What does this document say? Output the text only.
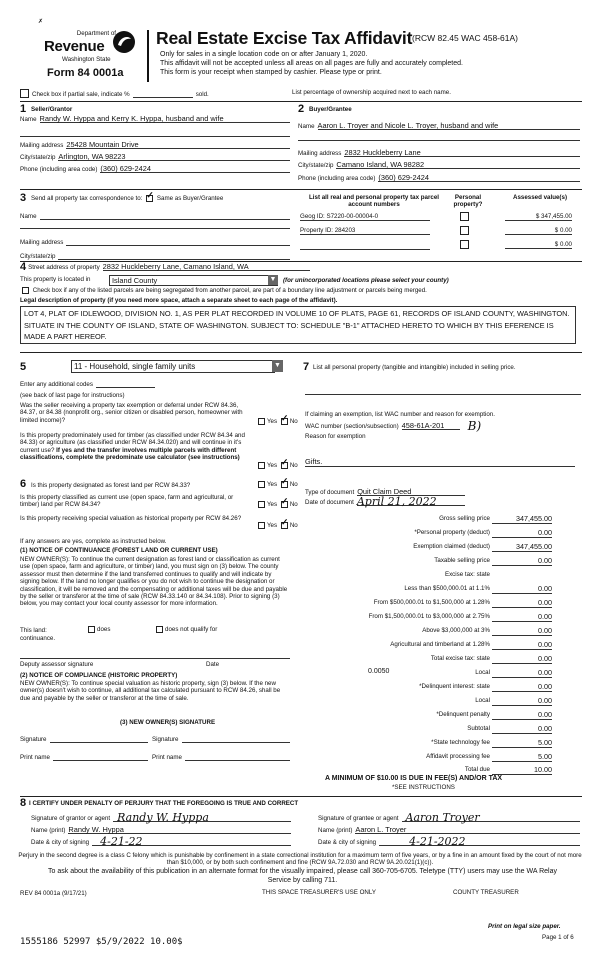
✗
Department of
Revenue
Washington State
Form 84 0001a
Real Estate Excise Tax Affidavit (RCW 82.45 WAC 458-61A)
Only for sales in a single location code on or after January 1, 2020.
This affidavit will not be accepted unless all areas on all pages are fully and accurately completed.
This form is your receipt when stamped by cashier. Please type or print.
Check box if partial sale, indicate %	sold.	List percentage of ownership acquired next to each name.
1 Seller/Grantor
Name Randy W. Hyppa and Kerry K. Hyppa, husband and wife
Mailing address 25428 Mountain Drive
City/state/zip Arlington, WA 98223
Phone (including area code) (360) 629-2424
2 Buyer/Grantee
Name Aaron L. Troyer and Nicole L. Troyer, husband and wife
Mailing address 2832 Huckleberry Lane
City/state/zip Camano Island, WA 98282
Phone (including area code) (360) 629-2424
3 Send all property tax correspondence to: ✓ Same as Buyer/Grantee
Name
Mailing address
City/state/zip
List all real and personal property tax parcel account numbers
Personal property?
Assessed value(s)
Geog ID: S7220-00-00004-0	$ 347,455.00
Property ID: 284203	$ 0.00
$ 0.00
4 Street address of property 2832 Huckleberry Lane, Camano Island, WA
This property is located in	Island County	▼ (for unincorporated locations please select your county)
Check box if any of the listed parcels are being segregated from another parcel, are part of a boundary line adjustment or parcels being merged.
Legal description of property (if you need more space, attach a separate sheet to each page of the affidavit).
LOT 4, PLAT OF IDLEWOOD, DIVISION NO. 1, AS PER PLAT RECORDED IN VOLUME 10 OF PLATS, PAGE 61, RECORDS OF ISLAND COUNTY, WASHINGTON. SITUATE IN THE COUNTY OF ISLAND, STATE OF WASHINGTON. SUBJECT TO: SCHEDULE "B-1" ATTACHED HERETO TO WHICH BY THIS EFERENCE IS MADE A PART HEREOF.
5	11 - Household, single family units	▼
Enter any additional codes
(see back of last page for instructions)
Was the seller receiving a property tax exemption or deferral under RCW 84.36, 84.37, or 84.38 (nonprofit org., senior citizen or disabled person, homeowner with limited income)?	Yes ✓ No
Is this property predominately used for timber (as classified under RCW 84.34 and 84.33) or agriculture (as classified under RCW 84.34.020) and will continue in it's current use? If yes and the transfer involves multiple parcels with different classifications, complete the predominate use calculator (see instructions)
Yes ✓ No
6 Is this property designated as forest land per RCW 84.33?	Yes ✓ No
Is this property classified as current use (open space, farm and agricultural, or timber) land per RCW 84.34?	Yes ✓ No
Is this property receiving special valuation as historical property per RCW 84.26?
Yes ✓ No
If any answers are yes, complete as instructed below.
(1) NOTICE OF CONTINUANCE (FOREST LAND OR CURRENT USE)
NEW OWNER(S): To continue the current designation as forest land or classification as current use (open space, farm and agriculture, or timber) land, you must sign on (3) below. The county assessor must then determine if the land transferred continues to qualify and will indicate by signing below. If the land no longer qualifies or you do not wish to continue the designation or classification, it will be removed and the compensating or additional taxes will be due and payable by the seller or transferor at the time of sale (RCW 84.33.140 or 84.34.108). Prior to signing (3) below, you may contact your local county assessor for more information.
This land:	does	does not qualify for
continuance.
Deputy assessor signature	Date
(2) NOTICE OF COMPLIANCE (HISTORIC PROPERTY)
NEW OWNER(S): To continue special valuation as historic property, sign (3) below. If the new owner(s) doesn't wish to continue, all additional tax calculated pursuant to RCW 84.26, shall be due and payable by the seller or transferor at the time of sale.
(3) NEW OWNER(S) SIGNATURE
Signature	Signature
Print name	Print name
7 List all personal property (tangible and intangible) included in selling price.
If claiming an exemption, list WAC number and reason for exemption.
WAC number (section/subsection) 458-61A-201	B)
Reason for exemption
Gifts.
Type of document Quit Claim Deed
Date of document April 21, 2022
Gross selling price	347,455.00
*Personal property (deduct)	0.00
Exemption claimed (deduct)	347,455.00
Taxable selling price	0.00
Excise tax: state
Less than $500,000.01 at 1.1%	0.00
From $500,000.01 to $1,500,000 at 1.28%	0.00
From $1,500,000.01 to $3,000,000 at 2.75%	0.00
Above $3,000,000 at 3%	0.00
Agricultural and timberland at 1.28%	0.00
Total excise tax: state	0.00
0.0050	Local	0.00
*Delinquent interest: state	0.00
Local	0.00
*Delinquent penalty	0.00
Subtotal	0.00
*State technology fee	5.00
Affidavit processing fee	5.00
Total due	10.00
A MINIMUM OF $10.00 IS DUE IN FEE(S) AND/OR TAX
*SEE INSTRUCTIONS
8 I CERTIFY UNDER PENALTY OF PERJURY THAT THE FOREGOING IS TRUE AND CORRECT
Signature of grantor or agent Randy W. Hyppa
Name (print) Randy W. Hyppa
Date & city of signing	4-21-22
Signature of grantee or agent Aaron Troyer
Name (print) Aaron L. Troyer
Date & city of signing	4-21-2022
Perjury in the second degree is a class C felony which is punishable by confinement in a state correctional institution for a maximum term of five years, or by a fine in an amount fixed by the court of not more than $10,000, or by both such confinement and fine (RCW 9A.72.030 and RCW 9A.20.021(1)(c)).
To ask about the availability of this publication in an alternate format for the visually impaired, please call 360-705-6705. Teletype (TTY) users may use the WA Relay Service by calling 711.
REV 84 0001a (9/17/21)	THIS SPACE TREASURER'S USE ONLY	COUNTY TREASURER
Print on legal size paper.
Page 1 of 6
1555186 52997 $5/9/2022 10.00$
